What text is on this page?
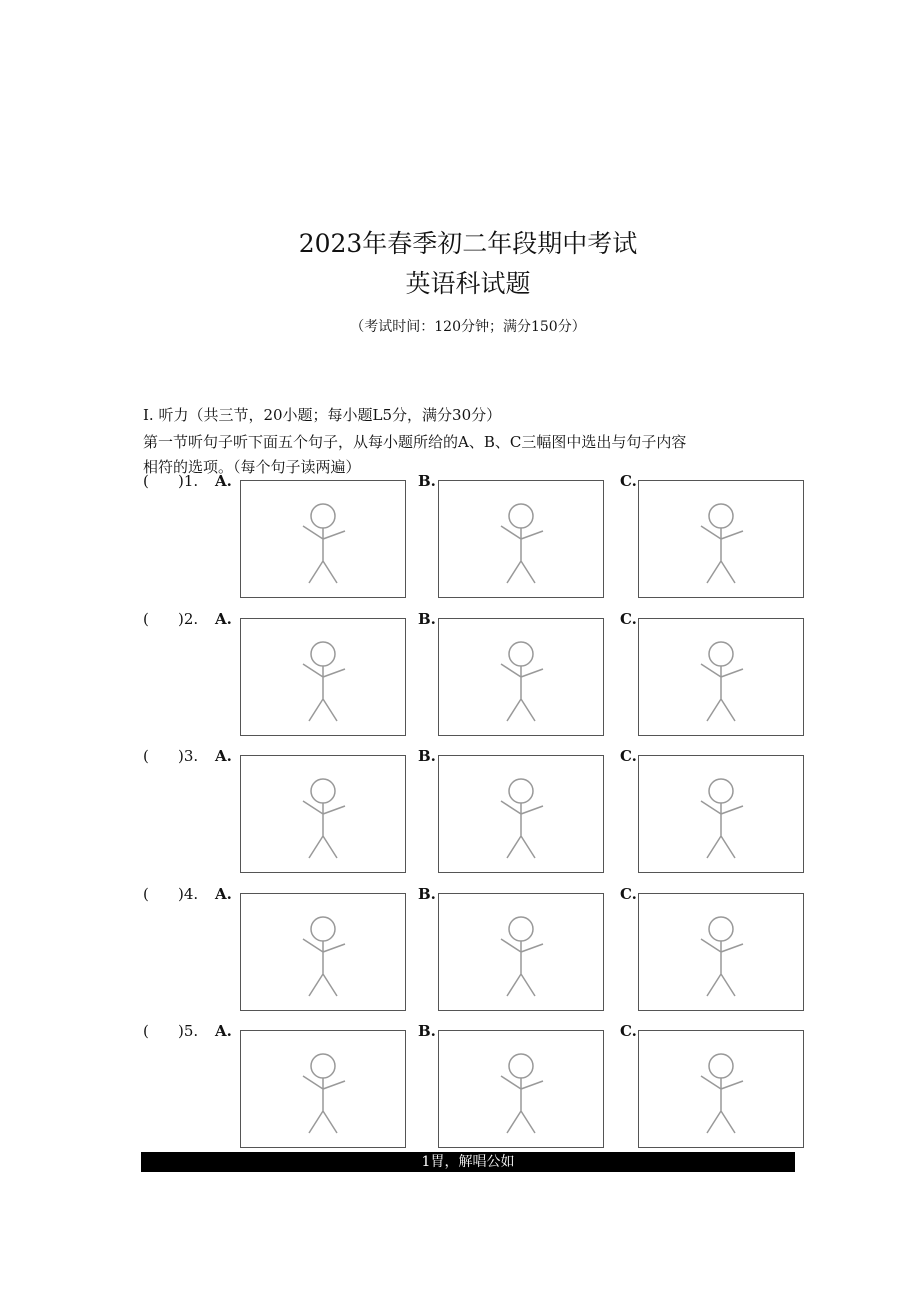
2023年春季初二年段期中考试
英语科试题
（考试时间：120分钟；满分150分）
I. 听力（共三节，20小题；每小题L5分，满分30分）
第一节听句子听下面五个句子，从每小题所给的A、B、C三幅图中选出与句子内容
相符的选项。（每个句子读两遍）
( )1. A.	B.	C.
( )2. A.	B.	C.
( )3. A.	B.	C.
( )4. A.	B.	C.
( )5. A.	B.	C.
1胃，解唱公如
